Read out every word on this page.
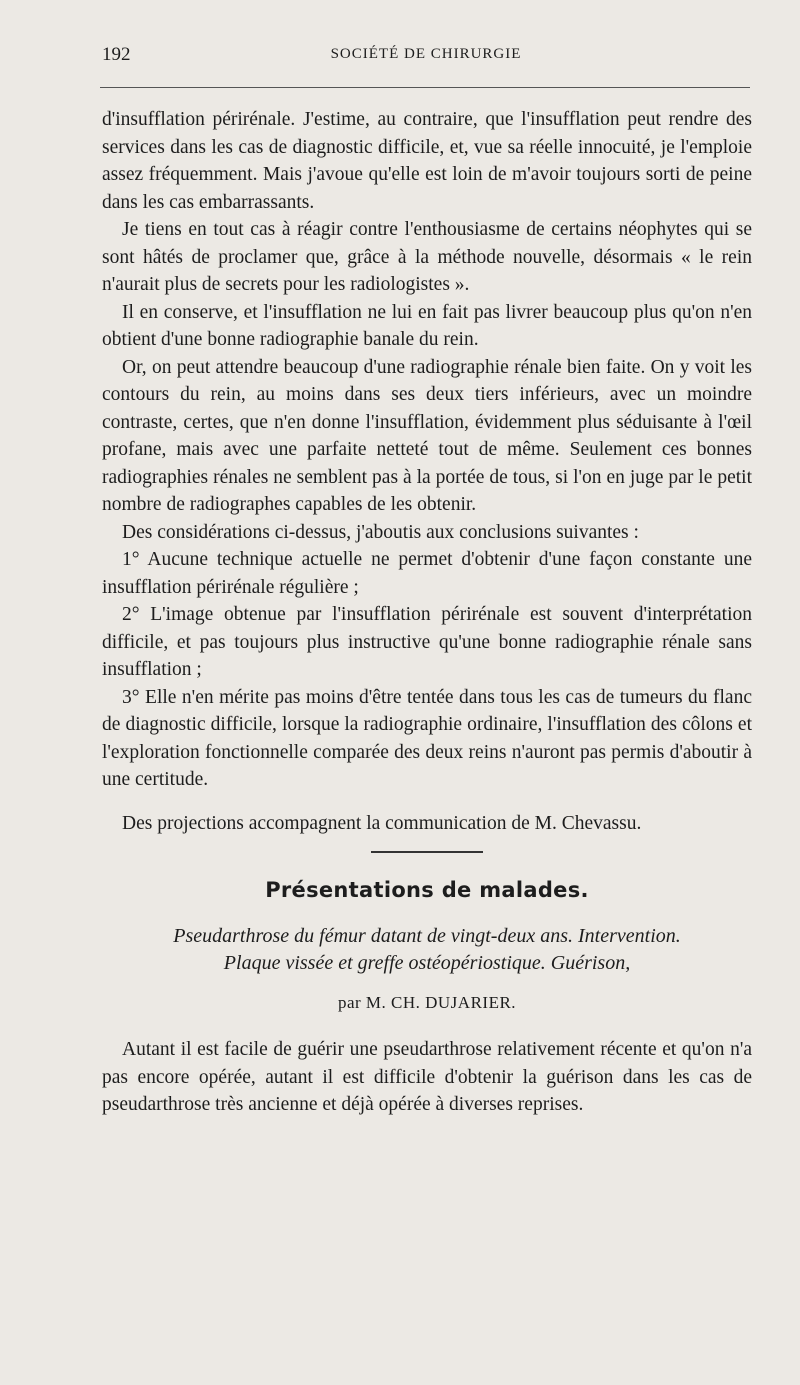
192	SOCIÉTÉ DE CHIRURGIE

d'insufflation périrénale. J'estime, au contraire, que l'insufflation peut rendre des services dans les cas de diagnostic difficile, et, vue sa réelle innocuité, je l'emploie assez fréquemment. Mais j'avoue qu'elle est loin de m'avoir toujours sorti de peine dans les cas embarrassants.

Je tiens en tout cas à réagir contre l'enthousiasme de certains néophytes qui se sont hâtés de proclamer que, grâce à la méthode nouvelle, désormais « le rein n'aurait plus de secrets pour les radiologistes ».

Il en conserve, et l'insufflation ne lui en fait pas livrer beaucoup plus qu'on n'en obtient d'une bonne radiographie banale du rein.

Or, on peut attendre beaucoup d'une radiographie rénale bien faite. On y voit les contours du rein, au moins dans ses deux tiers inférieurs, avec un moindre contraste, certes, que n'en donne l'insufflation, évidemment plus séduisante à l'œil profane, mais avec une parfaite netteté tout de même. Seulement ces bonnes radiographies rénales ne semblent pas à la portée de tous, si l'on en juge par le petit nombre de radiographes capables de les obtenir.

Des considérations ci-dessus, j'aboutis aux conclusions suivantes :

1° Aucune technique actuelle ne permet d'obtenir d'une façon constante une insufflation périrénale régulière ;

2° L'image obtenue par l'insufflation périrénale est souvent d'interprétation difficile, et pas toujours plus instructive qu'une bonne radiographie rénale sans insufflation ;

3° Elle n'en mérite pas moins d'être tentée dans tous les cas de tumeurs du flanc de diagnostic difficile, lorsque la radiographie ordinaire, l'insufflation des côlons et l'exploration fonctionnelle comparée des deux reins n'auront pas permis d'aboutir à une certitude.

Des projections accompagnent la communication de M. Chevassu.

Présentations de malades.
Pseudarthrose du fémur datant de vingt-deux ans. Intervention.
Plaque vissée et greffe ostéopériostique. Guérison,
par M. CH. DUJARIER.

Autant il est facile de guérir une pseudarthrose relativement récente et qu'on n'a pas encore opérée, autant il est difficile d'obtenir la guérison dans les cas de pseudarthrose très ancienne et déjà opérée à diverses reprises.
